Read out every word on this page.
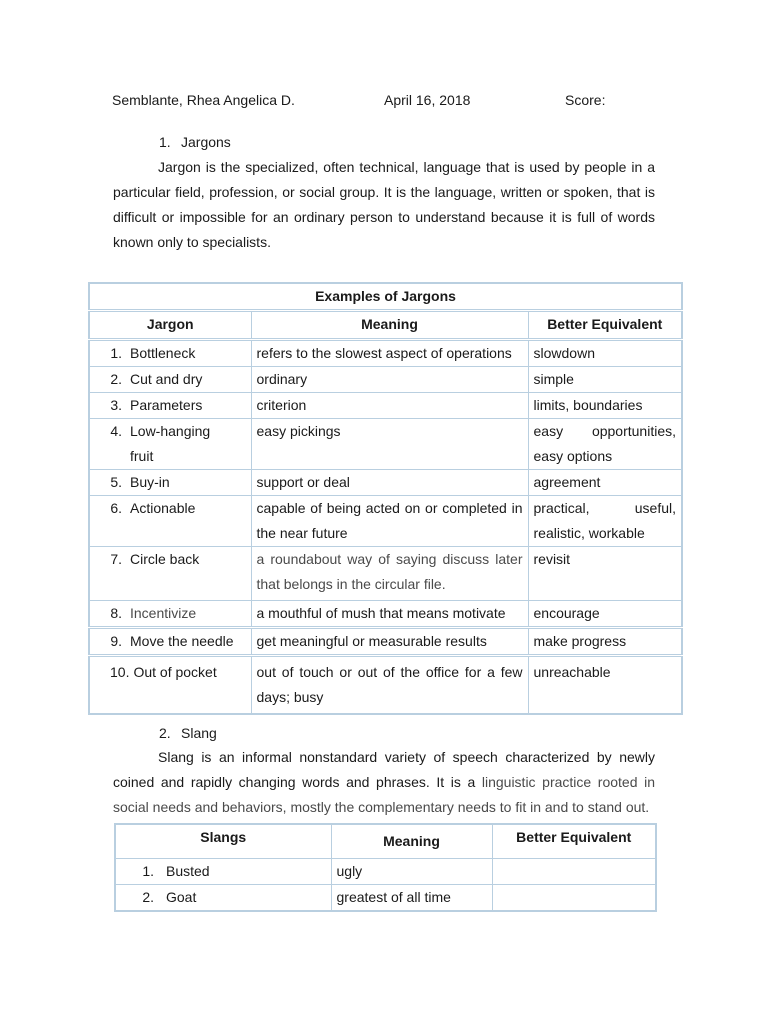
Semblante, Rhea Angelica D.	April 16, 2018	Score:
1. Jargons

Jargon is the specialized, often technical, language that is used by people in a particular field, profession, or social group. It is the language, written or spoken, that is difficult or impossible for an ordinary person to understand because it is full of words known only to specialists.

Examples of Jargons		
Jargon	Meaning	Better Equivalent
1. Bottleneck	refers to the slowest aspect of operations	slowdown
2. Cut and dry	ordinary	simple
3. Parameters	criterion	limits, boundaries
4. Low-hanging fruit	easy pickings	easy opportunities, easy options
5. Buy-in	support or deal	agreement
6. Actionable	capable of being acted on or completed in the near future	practical, useful, realistic, workable
7. Circle back	a roundabout way of saying discuss later that belongs in the circular file.	revisit
8. Incentivize	a mouthful of mush that means motivate	encourage
9. Move the needle	get meaningful or measurable results	make progress
10. Out of pocket	out of touch or out of the office for a few days; busy	unreachable
2. Slang

Slang is an informal nonstandard variety of speech characterized by newly coined and rapidly changing words and phrases. It is a linguistic practice rooted in social needs and behaviors, mostly the complementary needs to fit in and to stand out.

Slangs	Meaning	Better Equivalent
1. Busted	ugly	
2. Goat	greatest of all time	
